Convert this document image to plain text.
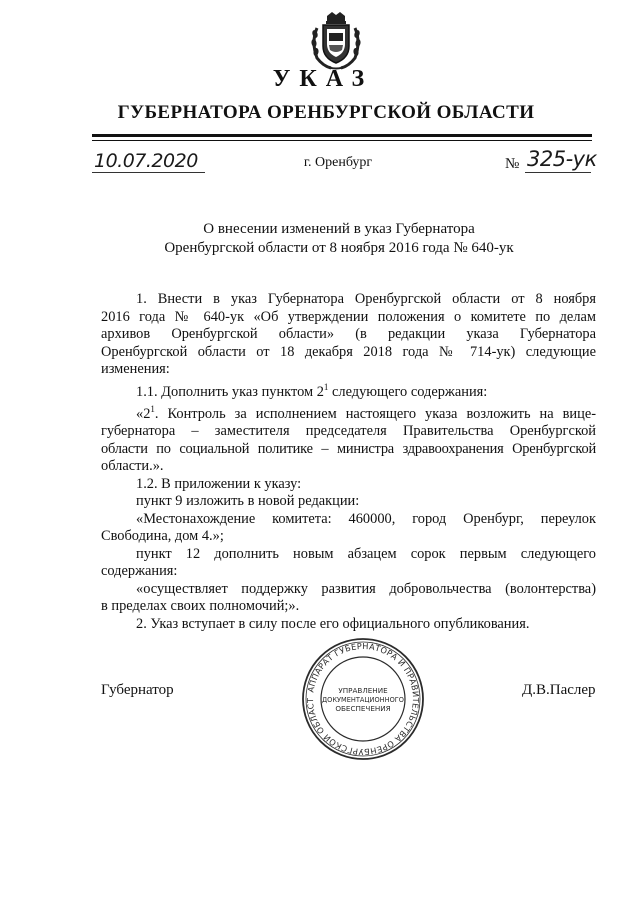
УКАЗ
ГУБЕРНАТОРА ОРЕНБУРГСКОЙ ОБЛАСТИ
10.07.2020	г. Оренбург	№ 325-ук
О внесении изменений в указ Губернатора
Оренбургской области от 8 ноября 2016 года № 640-ук
1. Внести в указ Губернатора Оренбургской области от 8 ноября
2016 года № 640-ук «Об утверждении положения о комитете по делам
архивов Оренбургской области» (в редакции указа Губернатора
Оренбургской области от 18 декабря 2018 года № 714-ук) следующие
изменения:
1.1. Дополнить указ пунктом $2^1$ следующего содержания:
«$2^1$. Контроль за исполнением настоящего указа возложить на вице-
губернатора – заместителя председателя Правительства Оренбургской
области по социальной политике – министра здравоохранения Оренбургской
области.».
1.2. В приложении к указу:
пункт 9 изложить в новой редакции:
«Местонахождение комитета: 460000, город Оренбург, переулок
Свободина, дом 4.»;
пункт 12 дополнить новым абзацем сорок первым следующего
содержания:
«осуществляет поддержку развития добровольчества (волонтерства)
в пределах своих полномочий;».
2. Указ вступает в силу после его официального опубликования.
Губернатор	Д.В.Паслер
АППАРАТ ГУБЕРНАТОРА И ПРАВИТЕЛЬСТВА ОРЕНБУРГСКОЙ ОБЛАСТ
УПРАВЛЕНИЕ
ДОКУМЕНТАЦИОННОГО
ОБЕСПЕЧЕНИЯ
